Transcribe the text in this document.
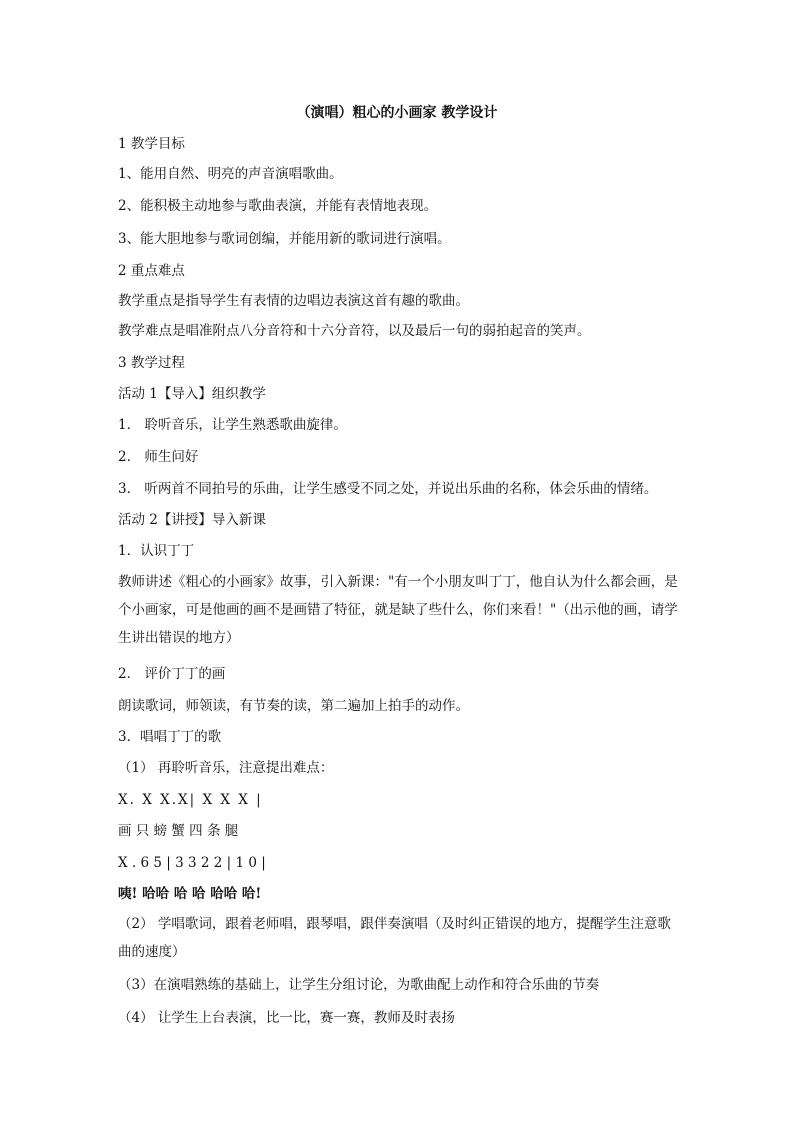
（演唱）粗心的小画家 教学设计
1 教学目标
1、能用自然、明亮的声音演唱歌曲。
2、能积极主动地参与歌曲表演，并能有表情地表现。
3、能大胆地参与歌词创编，并能用新的歌词进行演唱。
2 重点难点
教学重点是指导学生有表情的边唱边表演这首有趣的歌曲。
教学难点是唱准附点八分音符和十六分音符，以及最后一句的弱拍起音的笑声。
3 教学过程
活动 1【导入】组织教学
1． 聆听音乐，让学生熟悉歌曲旋律。
2． 师生问好
3． 听两首不同拍号的乐曲，让学生感受不同之处，并说出乐曲的名称，体会乐曲的情绪。
活动 2【讲授】导入新课
1．认识丁丁
教师讲述《粗心的小画家》故事，引入新课："有一个小朋友叫丁丁，他自认为什么都会画，是个小画家，可是他画的画不是画错了特征，就是缺了些什么，你们来看！"（出示他的画，请学生讲出错误的地方）
2． 评价丁丁的画
朗读歌词，师领读，有节奏的读，第二遍加上拍手的动作。
3．唱唱丁丁的歌
（1） 再聆听音乐，注意提出难点：
X. X X.X| X X X |
画 只 螃 蟹 四 条 腿
X . 6 5 | 3 3 2 2 | 1 0 |
咦! 哈哈 哈 哈 哈哈 哈!
（2） 学唱歌词，跟着老师唱，跟琴唱，跟伴奏演唱（及时纠正错误的地方，提醒学生注意歌曲的速度）
（3）在演唱熟练的基础上，让学生分组讨论，为歌曲配上动作和符合乐曲的节奏
（4） 让学生上台表演，比一比，赛一赛，教师及时表扬
